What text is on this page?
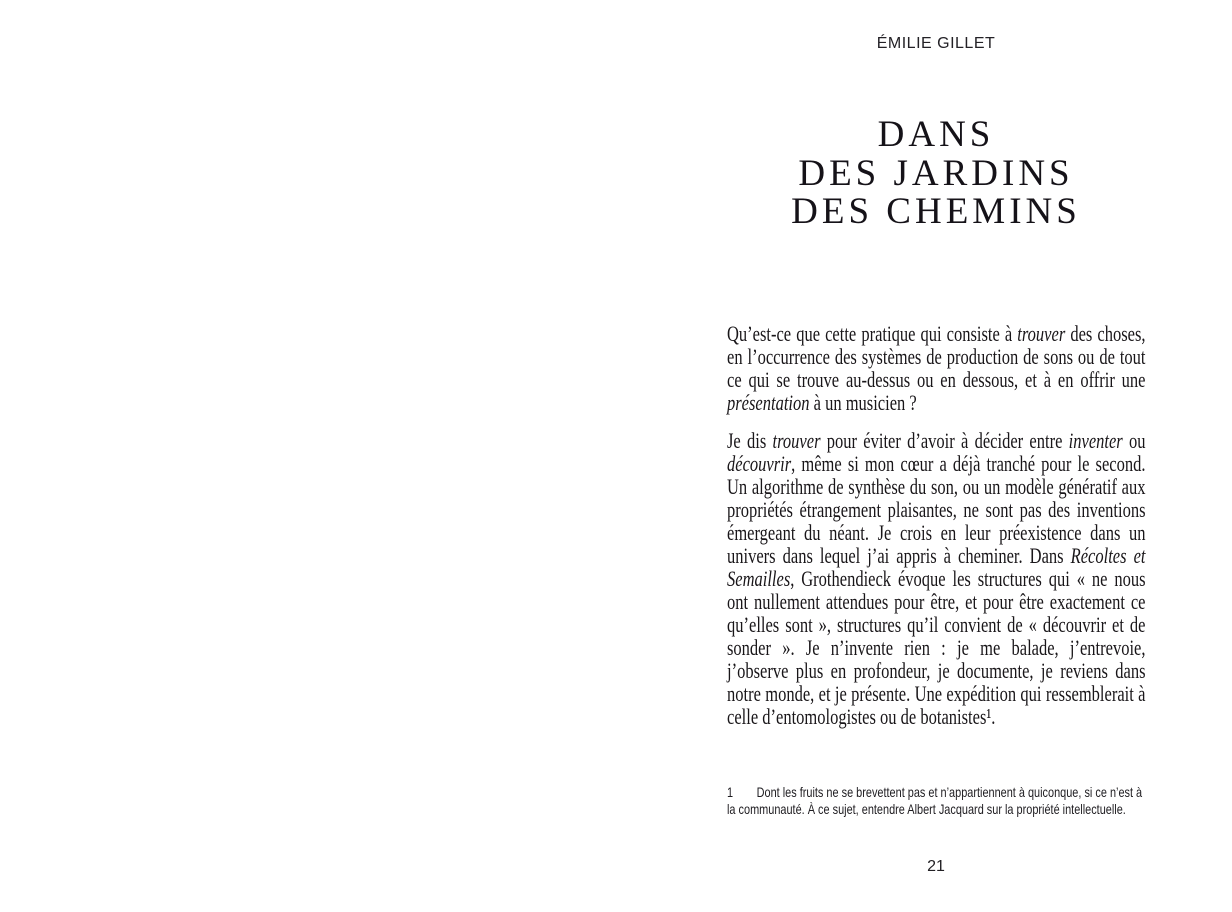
ÉMILIE GILLET
DANS
DES JARDINS
DES CHEMINS

Qu’est-ce que cette pratique qui consiste à trouver des choses, en l’occurrence des systèmes de production de sons ou de tout ce qui se trouve au-dessus ou en dessous, et à en offrir une présentation à un musicien ?

Je dis trouver pour éviter d’avoir à décider entre inventer ou découvrir, même si mon cœur a déjà tranché pour le second. Un algorithme de synthèse du son, ou un modèle génératif aux propriétés étrangement plaisantes, ne sont pas des inventions émergeant du néant. Je crois en leur préexistence dans un univers dans lequel j’ai appris à cheminer. Dans Récoltes et Semailles, Grothendieck évoque les structures qui « ne nous ont nullement attendues pour être, et pour être exactement ce qu’elles sont », structures qu’il convient de « découvrir et de sonder ». Je n’invente rien : je me balade, j’entrevoie, j’observe plus en profondeur, je documente, je reviens dans notre monde, et je présente. Une expédition qui ressemblerait à celle d’entomologistes ou de botanistes¹.

1 Dont les fruits ne se brevettent pas et n’appartiennent à quiconque, si ce n’est à la communauté. À ce sujet, entendre Albert Jacquard sur la propriété intellectuelle.
21
